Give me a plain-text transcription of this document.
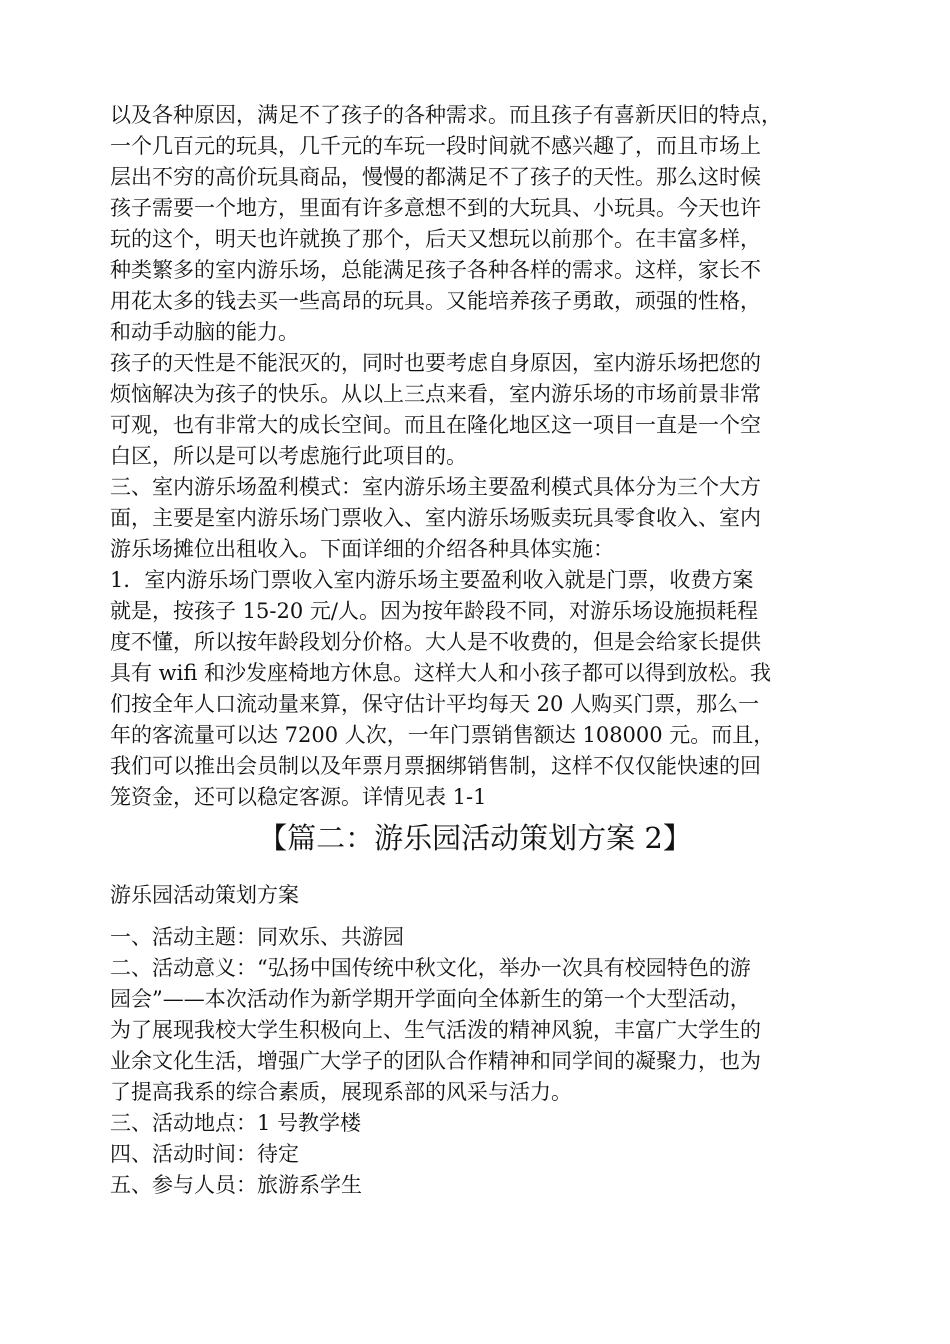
以及各种原因，满足不了孩子的各种需求。而且孩子有喜新厌旧的特点，
一个几百元的玩具，几千元的车玩一段时间就不感兴趣了，而且市场上
层出不穷的高价玩具商品，慢慢的都满足不了孩子的天性。那么这时候
孩子需要一个地方，里面有许多意想不到的大玩具、小玩具。今天也许
玩的这个，明天也许就换了那个，后天又想玩以前那个。在丰富多样，
种类繁多的室内游乐场，总能满足孩子各种各样的需求。这样，家长不
用花太多的钱去买一些高昂的玩具。又能培养孩子勇敢，顽强的性格，
和动手动脑的能力。
孩子的天性是不能泯灭的，同时也要考虑自身原因，室内游乐场把您的
烦恼解决为孩子的快乐。从以上三点来看，室内游乐场的市场前景非常
可观，也有非常大的成长空间。而且在隆化地区这一项目一直是一个空
白区，所以是可以考虑施行此项目的。
三、室内游乐场盈利模式：室内游乐场主要盈利模式具体分为三个大方
面，主要是室内游乐场门票收入、室内游乐场贩卖玩具零食收入、室内
游乐场摊位出租收入。下面详细的介绍各种具体实施：
1．室内游乐场门票收入室内游乐场主要盈利收入就是门票，收费方案
就是，按孩子 15-20 元/人。因为按年龄段不同，对游乐场设施损耗程
度不懂，所以按年龄段划分价格。大人是不收费的，但是会给家长提供
具有 wifi 和沙发座椅地方休息。这样大人和小孩子都可以得到放松。我
们按全年人口流动量来算，保守估计平均每天 20 人购买门票，那么一
年的客流量可以达 7200 人次，一年门票销售额达 108000 元。而且，
我们可以推出会员制以及年票月票捆绑销售制，这样不仅仅能快速的回
笼资金，还可以稳定客源。详情见表 1-1
【篇二：游乐园活动策划方案 2】
游乐园活动策划方案
一、活动主题：同欢乐、共游园
二、活动意义：“弘扬中国传统中秋文化，举办一次具有校园特色的游
园会”——本次活动作为新学期开学面向全体新生的第一个大型活动，
为了展现我校大学生积极向上、生气活泼的精神风貌，丰富广大学生的
业余文化生活，增强广大学子的团队合作精神和同学间的凝聚力，也为
了提高我系的综合素质，展现系部的风采与活力。
三、活动地点：1 号教学楼
四、活动时间：待定
五、参与人员：旅游系学生
